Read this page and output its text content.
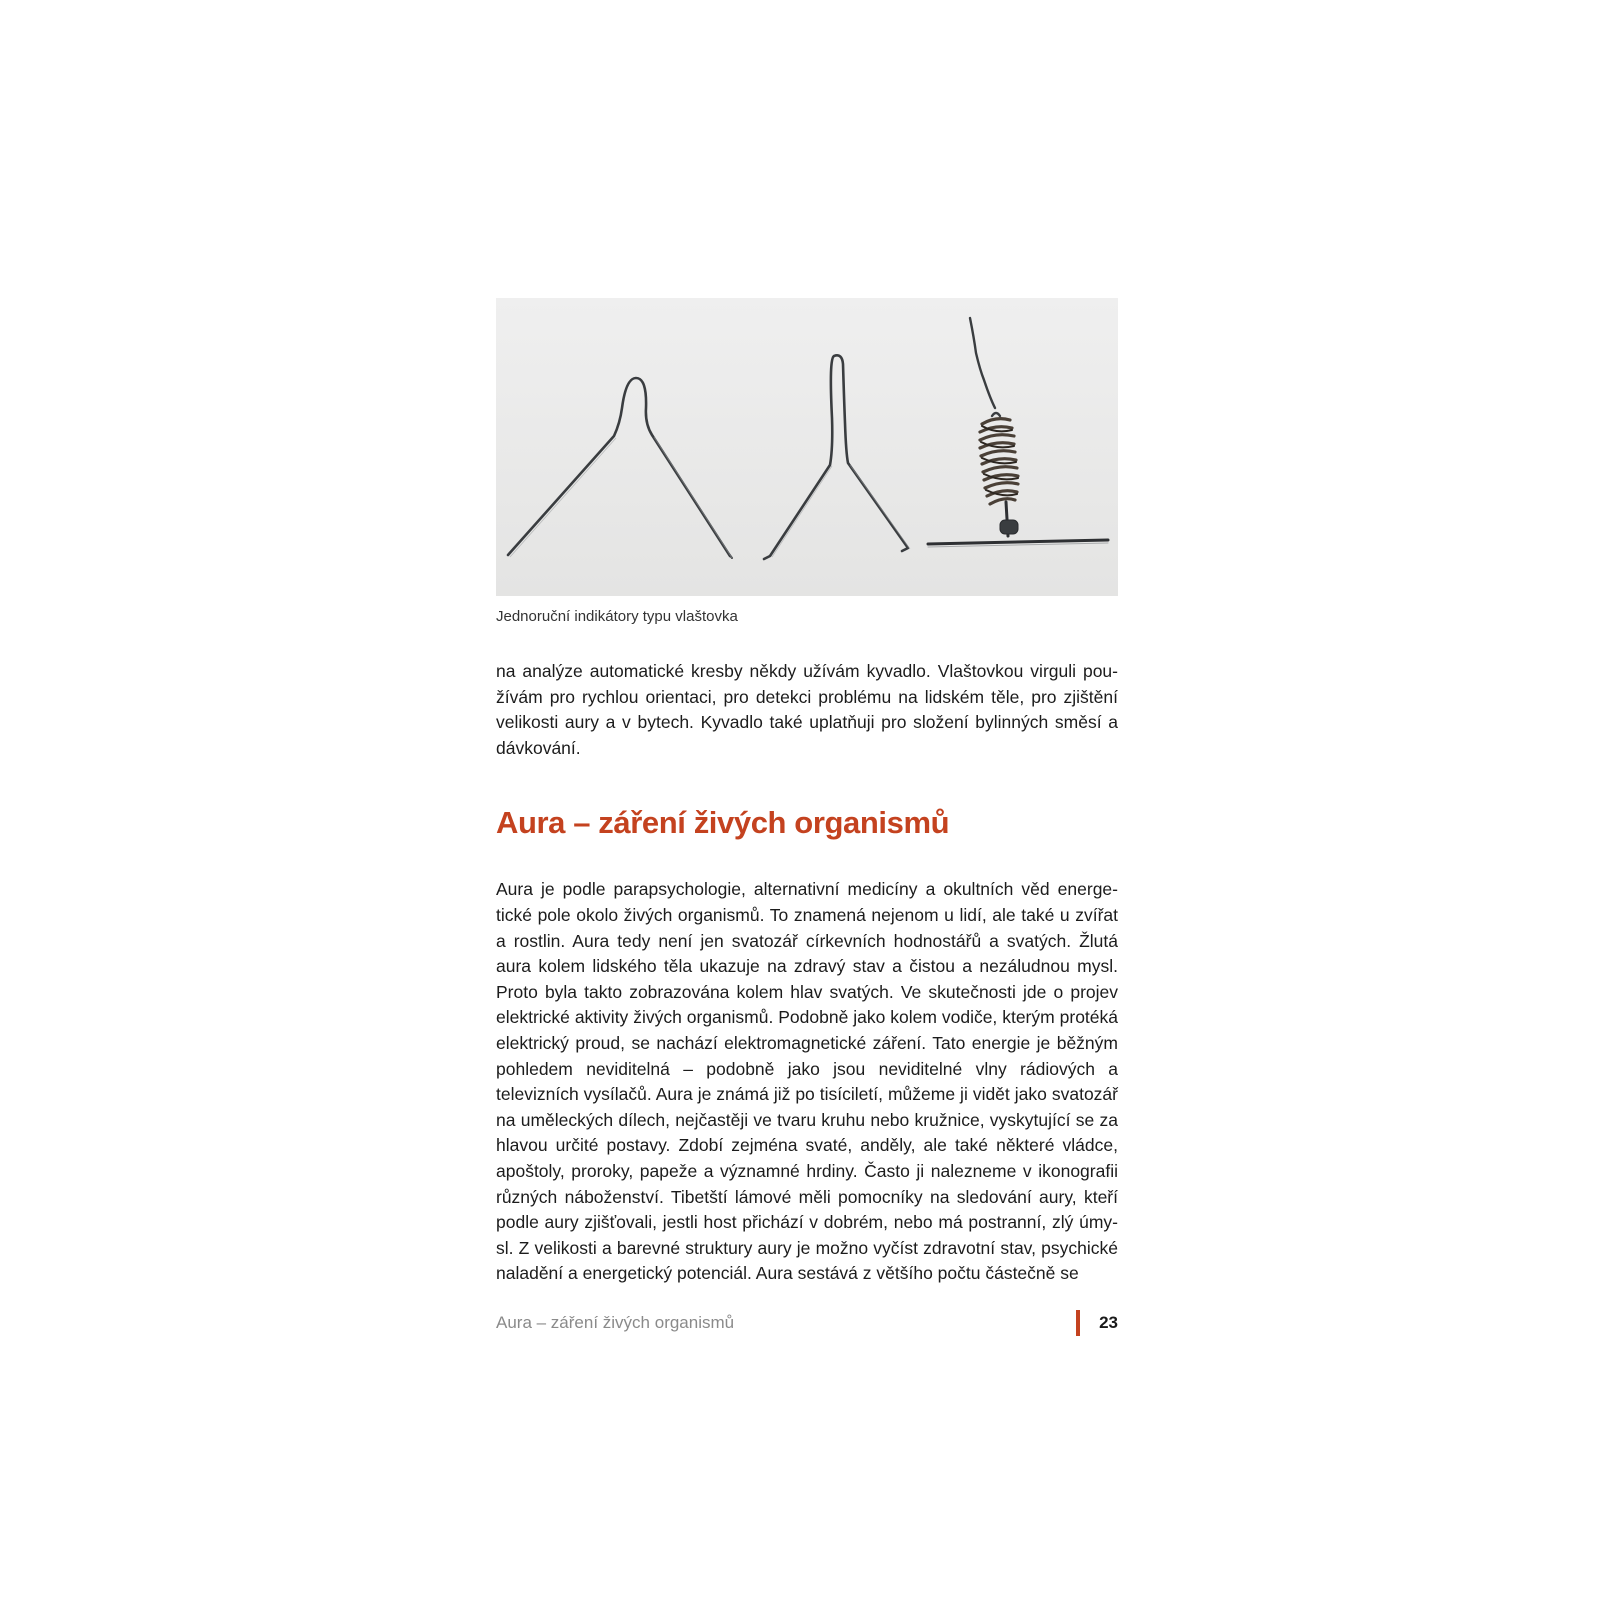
Jednoruční indikátory typu vlaštovka

na analýze automatické kresby někdy užívám kyvadlo. Vlaštovkou virguli používám pro rychlou orientaci, pro detekci problému na lidském těle, pro zjištění velikosti aury a v bytech. Kyvadlo také uplatňuji pro složení bylinných směsí a dávkování.

Aura – záření živých organismů

Aura je podle parapsychologie, alternativní medicíny a okultních věd energetické pole okolo živých organismů. To znamená nejenom u lidí, ale také u zvířat a rostlin. Aura tedy není jen svatozář církevních hodnostářů a svatých. Žlutá aura kolem lidského těla ukazuje na zdravý stav a čistou a nezáludnou mysl. Proto byla takto zobrazována kolem hlav svatých. Ve skutečnosti jde o projev elektrické aktivity živých organismů. Podobně jako kolem vodiče, kterým protéká elektrický proud, se nachází elektromagnetické záření. Tato energie je běžným pohledem neviditelná – podobně jako jsou neviditelné vlny rádiových a televizních vysílačů. Aura je známá již po tisíciletí, můžeme ji vidět jako svatozář na uměleckých dílech, nejčastěji ve tvaru kruhu nebo kružnice, vyskytující se za hlavou určité postavy. Zdobí zejména svaté, anděly, ale také některé vládce, apoštoly, proroky, papeže a významné hrdiny. Často ji nalezneme v ikonografii různých náboženství. Tibetští lámové měli pomocníky na sledování aury, kteří podle aury zjišťovali, jestli host přichází v dobrém, nebo má postranní, zlý úmysl. Z velikosti a barevné struktury aury je možno vyčíst zdravotní stav, psychické naladění a energetický potenciál. Aura sestává z většího počtu částečně se

Aura – záření živých organismů	23
